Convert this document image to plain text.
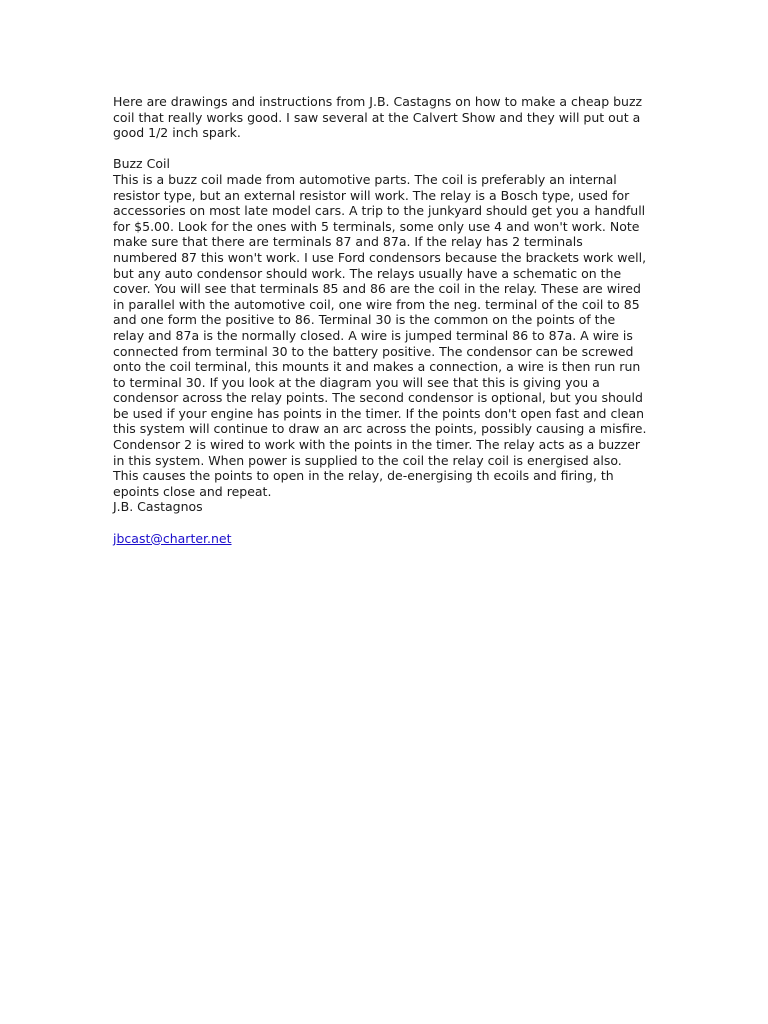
Here are drawings and instructions from J.B. Castagns on how to make a cheap buzz
coil that really works good. I saw several at the Calvert Show and they will put out a
good 1/2 inch spark.
Buzz Coil
This is a buzz coil made from automotive parts. The coil is preferably an internal
resistor type, but an external resistor will work. The relay is a Bosch type, used for
accessories on most late model cars. A trip to the junkyard should get you a handfull
for $5.00. Look for the ones with 5 terminals, some only use 4 and won't work. Note
make sure that there are terminals 87 and 87a. If the relay has 2 terminals
numbered 87 this won't work. I use Ford condensors because the brackets work well,
but any auto condensor should work. The relays usually have a schematic on the
cover. You will see that terminals 85 and 86 are the coil in the relay. These are wired
in parallel with the automotive coil, one wire from the neg. terminal of the coil to 85
and one form the positive to 86. Terminal 30 is the common on the points of the
relay and 87a is the normally closed. A wire is jumped terminal 86 to 87a. A wire is
connected from terminal 30 to the battery positive. The condensor can be screwed
onto the coil terminal, this mounts it and makes a connection, a wire is then run run
to terminal 30. If you look at the diagram you will see that this is giving you a
condensor across the relay points. The second condensor is optional, but you should
be used if your engine has points in the timer. If the points don't open fast and clean
this system will continue to draw an arc across the points, possibly causing a misfire.
Condensor 2 is wired to work with the points in the timer. The relay acts as a buzzer
in this system. When power is supplied to the coil the relay coil is energised also.
This causes the points to open in the relay, de-energising th ecoils and firing, th
epoints close and repeat.
J.B. Castagnos

jbcast@charter.net
